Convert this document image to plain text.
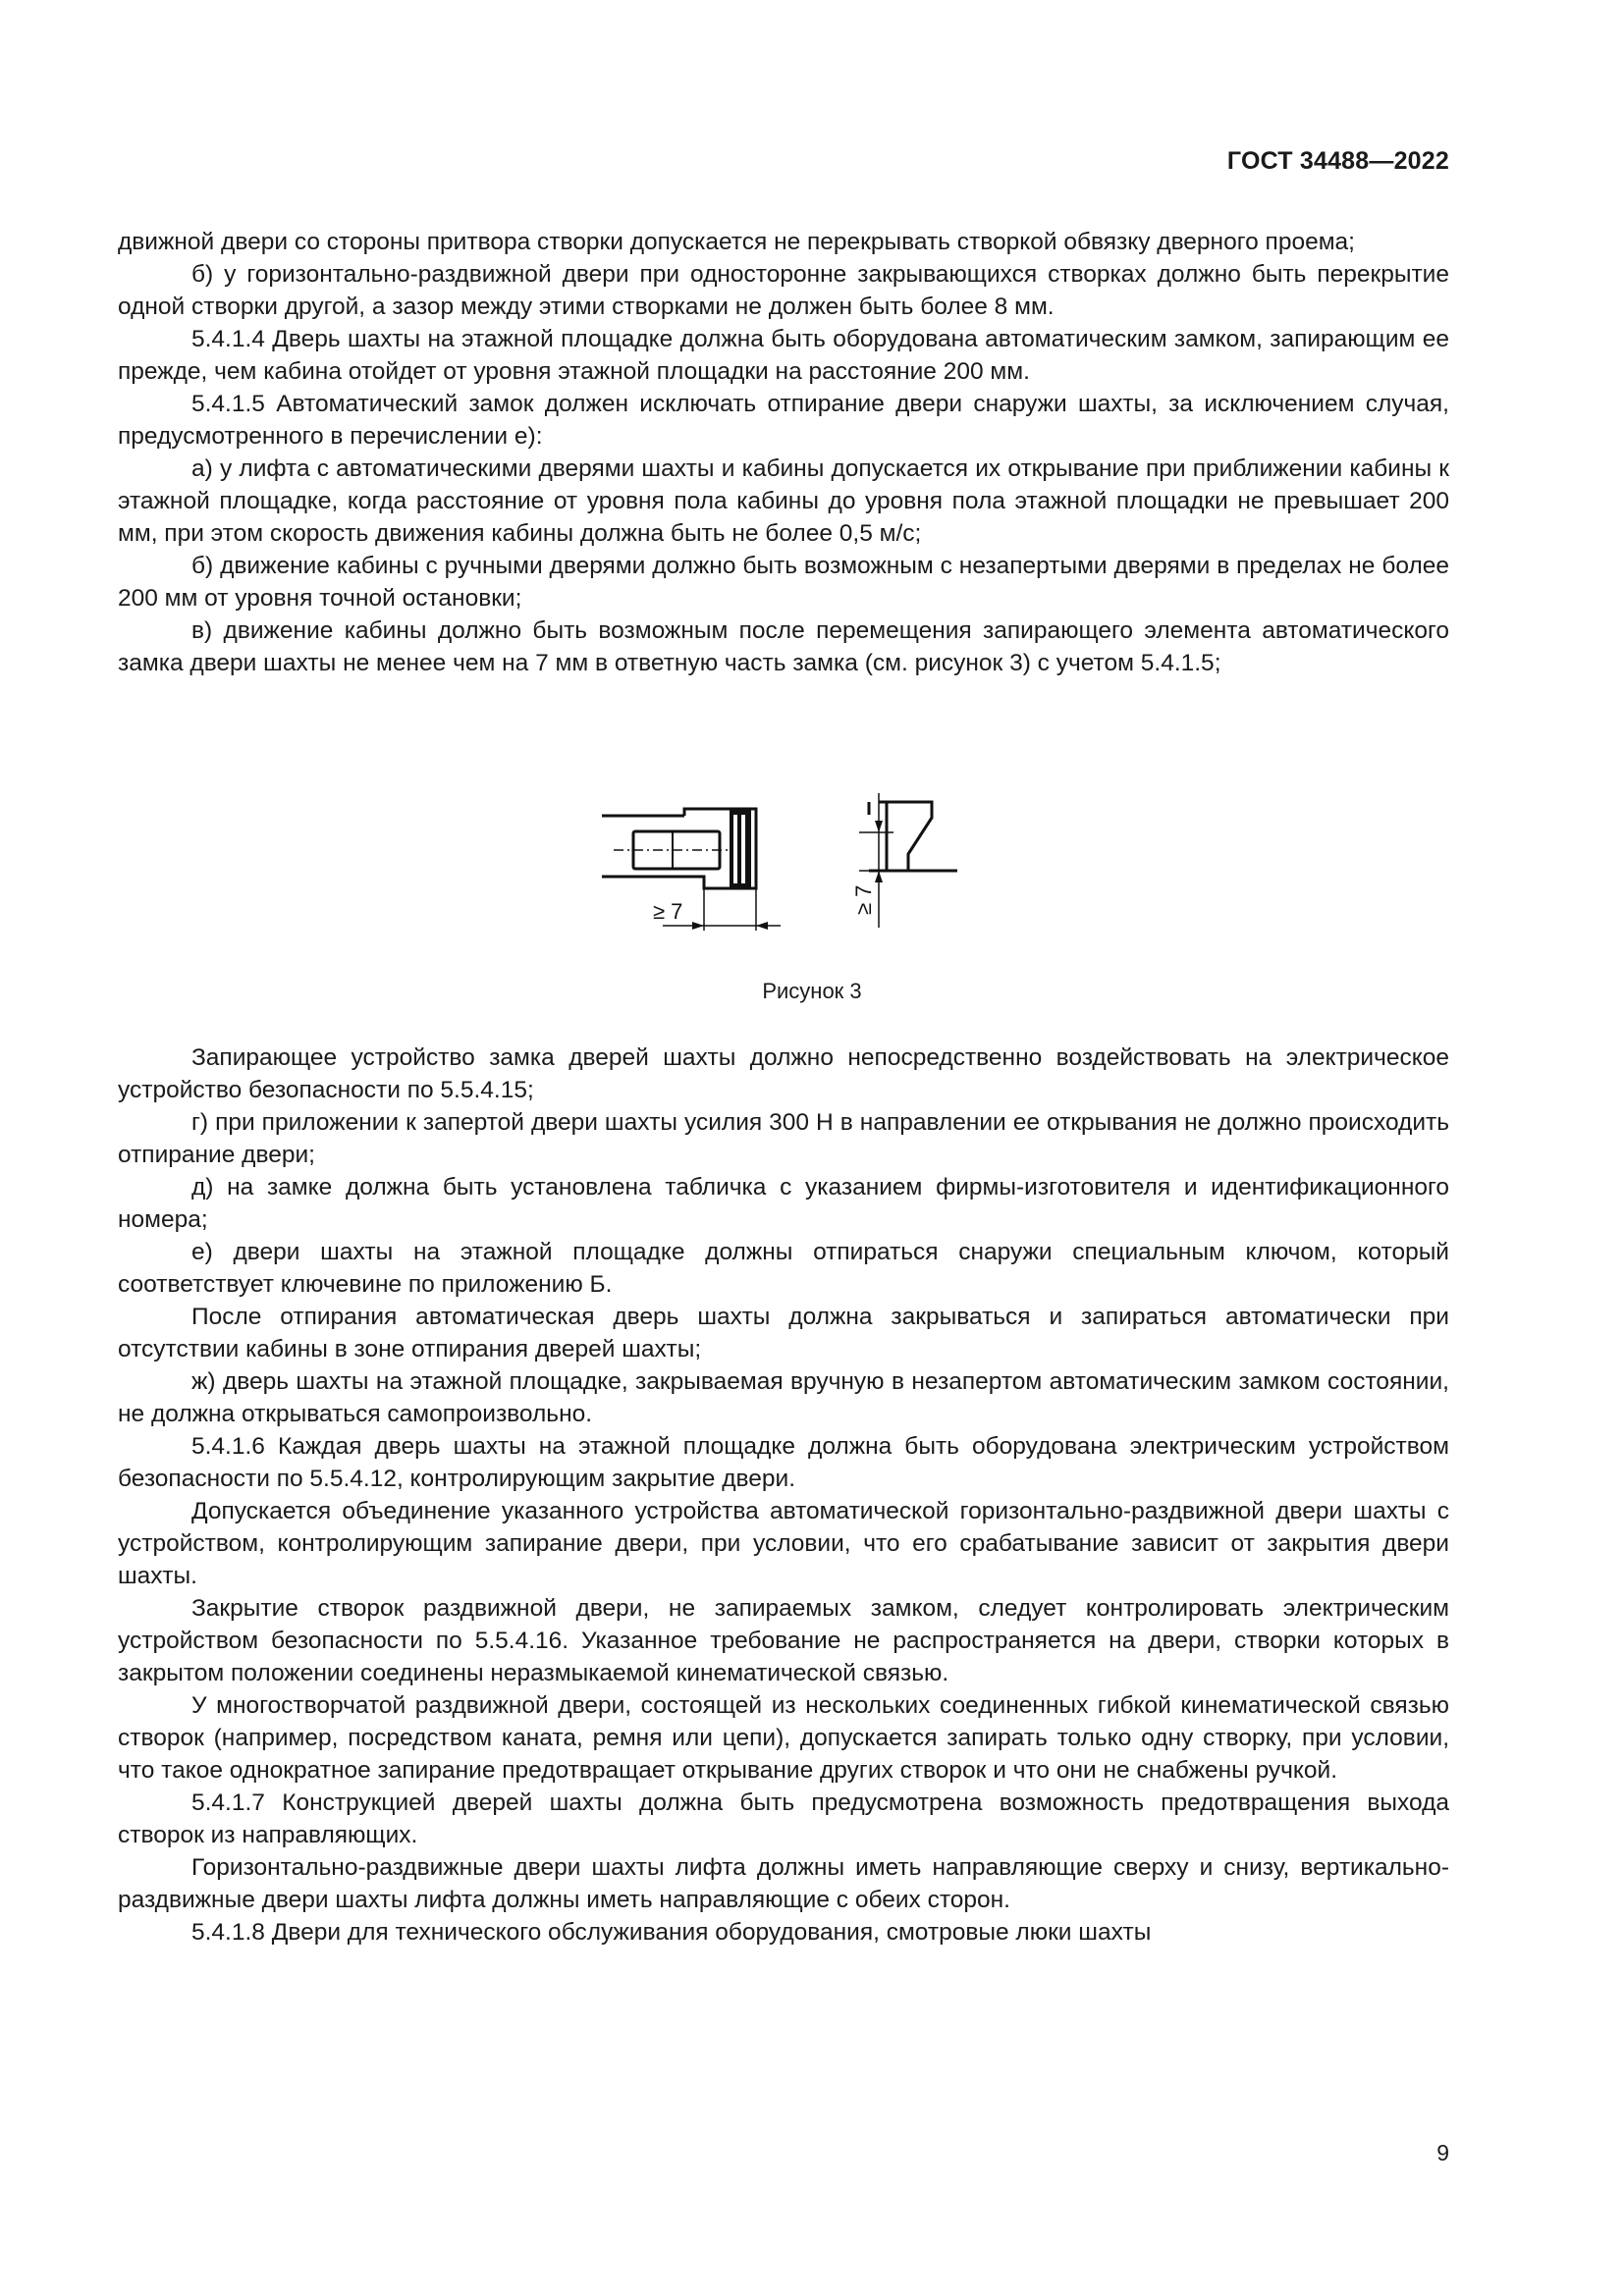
ГОСТ 34488—2022

движной двери со стороны притвора створки допускается не перекрывать створкой обвязку дверного проема;

б) у горизонтально-раздвижной двери при односторонне закрывающихся створках должно быть перекрытие одной створки другой, а зазор между этими створками не должен быть более 8 мм.

5.4.1.4 Дверь шахты на этажной площадке должна быть оборудована автоматическим замком, запирающим ее прежде, чем кабина отойдет от уровня этажной площадки на расстояние 200 мм.

5.4.1.5 Автоматический замок должен исключать отпирание двери снаружи шахты, за исключением случая, предусмотренного в перечислении е):

а) у лифта с автоматическими дверями шахты и кабины допускается их открывание при приближении кабины к этажной площадке, когда расстояние от уровня пола кабины до уровня пола этажной площадки не превышает 200 мм, при этом скорость движения кабины должна быть не более 0,5 м/с;

б) движение кабины с ручными дверями должно быть возможным с незапертыми дверями в пределах не более 200 мм от уровня точной остановки;

в) движение кабины должно быть возможным после перемещения запирающего элемента автоматического замка двери шахты не менее чем на 7 мм в ответную часть замка (см. рисунок 3) с учетом 5.4.1.5;

≥ 7	≥ 7
Рисунок 3

Запирающее устройство замка дверей шахты должно непосредственно воздействовать на электрическое устройство безопасности по 5.5.4.15;

г) при приложении к запертой двери шахты усилия 300 Н в направлении ее открывания не должно происходить отпирание двери;

д) на замке должна быть установлена табличка с указанием фирмы-изготовителя и идентификационного номера;

е) двери шахты на этажной площадке должны отпираться снаружи специальным ключом, который соответствует ключевине по приложению Б.

После отпирания автоматическая дверь шахты должна закрываться и запираться автоматически при отсутствии кабины в зоне отпирания дверей шахты;

ж) дверь шахты на этажной площадке, закрываемая вручную в незапертом автоматическим замком состоянии, не должна открываться самопроизвольно.

5.4.1.6 Каждая дверь шахты на этажной площадке должна быть оборудована электрическим устройством безопасности по 5.5.4.12, контролирующим закрытие двери.

Допускается объединение указанного устройства автоматической горизонтально-раздвижной двери шахты с устройством, контролирующим запирание двери, при условии, что его срабатывание зависит от закрытия двери шахты.

Закрытие створок раздвижной двери, не запираемых замком, следует контролировать электрическим устройством безопасности по 5.5.4.16. Указанное требование не распространяется на двери, створки которых в закрытом положении соединены неразмыкаемой кинематической связью.

У многостворчатой раздвижной двери, состоящей из нескольких соединенных гибкой кинематической связью створок (например, посредством каната, ремня или цепи), допускается запирать только одну створку, при условии, что такое однократное запирание предотвращает открывание других створок и что они не снабжены ручкой.

5.4.1.7 Конструкцией дверей шахты должна быть предусмотрена возможность предотвращения выхода створок из направляющих.

Горизонтально-раздвижные двери шахты лифта должны иметь направляющие сверху и снизу, вертикально-раздвижные двери шахты лифта должны иметь направляющие с обеих сторон.

5.4.1.8 Двери для технического обслуживания оборудования, смотровые люки шахты

9
